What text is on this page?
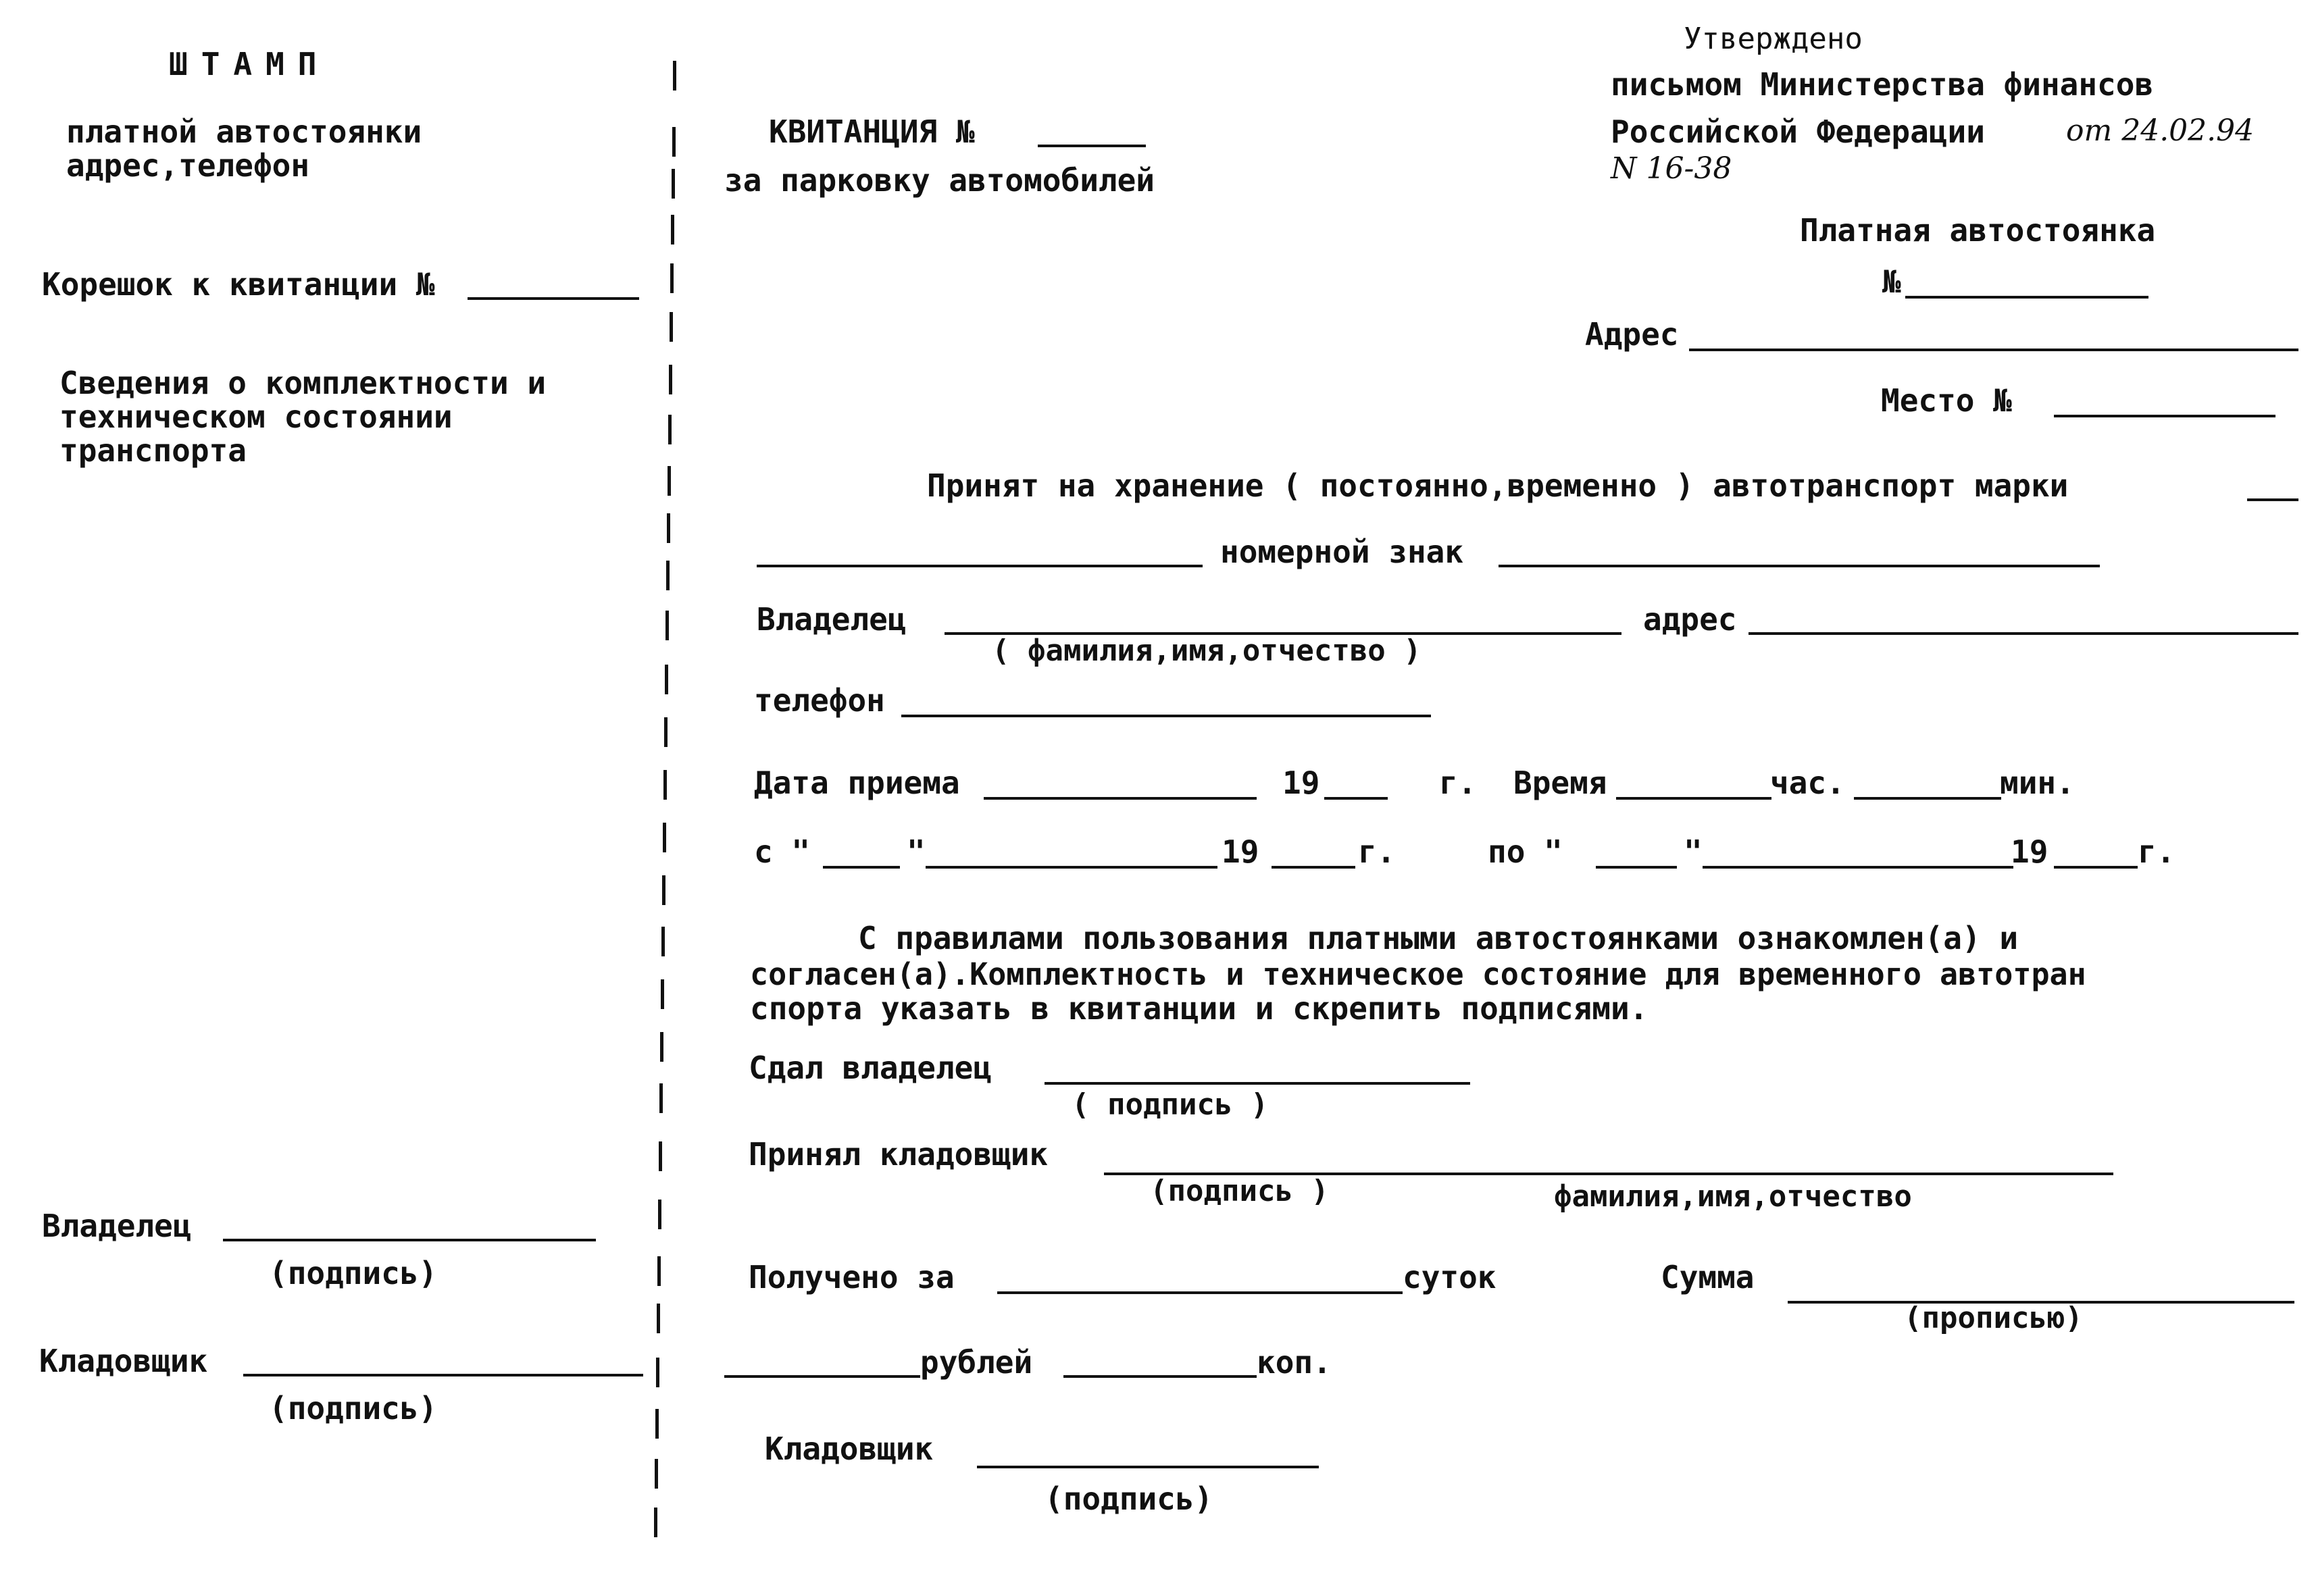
ШТАМП
платной автостоянки
адрес,телефон
Корешок к квитанции №
Сведения о комплектности и
техническом состоянии
транспорта
Владелец
(подпись)
Кладовщик
(подпись)
КВИТАНЦИЯ №
за парковку автомобилей
Утверждено
письмом Министерства финансов
Российской Федерации	от 24.02.94
N 16-38
Платная автостоянка
№
Адрес
Место №
Принят на хранение ( постоянно,временно ) автотранспорт марки
номерной знак
Владелец	адрес
( фамилия,имя,отчество )
телефон
Дата приема	19	г. Время	час.	мин.
с "	"	19	г.	по "	"	19	г.
С правилами пользования платными автостоянками ознакомлен(а) и
согласен(а).Комплектность и техническое состояние для временного автотран
спорта указать в квитанции и скрепить подписями.
Сдал владелец
( подпись )
Принял кладовщик
(подпись )	фамилия,имя,отчество
Получено за	суток	Сумма
(прописью)
рублей	коп.
Кладовщик
(подпись)
